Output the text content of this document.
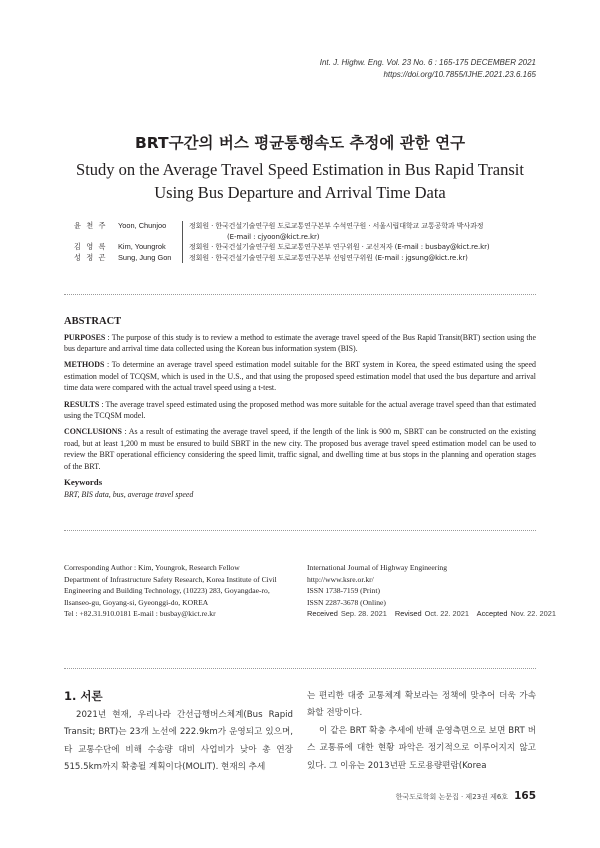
Int. J. Highw. Eng. Vol. 23 No. 6 : 165-175 DECEMBER 2021
https://doi.org/10.7855/IJHE.2021.23.6.165
BRT구간의 버스 평균통행속도 추정에 관한 연구
Study on the Average Travel Speed Estimation in Bus Rapid Transit
Using Bus Departure and Arrival Time Data
윤 천 주	Yoon, Chunjoo	정회원 · 한국건설기술연구원 도로교통연구본부 수석연구원 · 서울시립대학교 교통공학과 박사과정
(E-mail : cjyoon@kict.re.kr)
김 영 록	Kim, Youngrok	정회원 · 한국건설기술연구원 도로교통연구본부 연구위원 · 교신저자 (E-mail : busbay@kict.re.kr)
성 정 곤	Sung, Jung Gon	정회원 · 한국건설기술연구원 도로교통연구본부 선임연구위원 (E-mail : jgsung@kict.re.kr)
ABSTRACT

PURPOSES : The purpose of this study is to review a method to estimate the average travel speed of the Bus Rapid Transit(BRT) section using the bus departure and arrival time data collected using the Korean bus information system (BIS).

METHODS : To determine an average travel speed estimation model suitable for the BRT system in Korea, the speed estimated using the speed estimation model of TCQSM, which is used in the U.S., and that using the proposed speed estimation model that used the bus departure and arrival time data were compared with the actual travel speed using a t-test.

RESULTS : The average travel speed estimated using the proposed method was more suitable for the actual average travel speed than that estimated using the TCQSM model.

CONCLUSIONS : As a result of estimating the average travel speed, if the length of the link is 900 m, SBRT can be constructed on the existing road, but at least 1,200 m must be ensured to build SBRT in the new city. The proposed bus average travel speed estimation model can be used to review the BRT operational efficiency considering the speed limit, traffic signal, and dwelling time at bus stops in the planning and operation stages of the BRT.

Keywords
BRT, BIS data, bus, average travel speed
Corresponding Author : Kim, Youngrok, Research Fellow
Department of Infrastructure Safety Research, Korea Institute of Civil
Engineering and Building Technology, (10223) 283, Goyangdae-ro,
Ilsanseo-gu, Goyang-si, Gyeonggi-do, KOREA
Tel : +82.31.910.0181 E-mail : busbay@kict.re.kr
International Journal of Highway Engineering
http://www.ksre.or.kr/
ISSN 1738-7159 (Print)
ISSN 2287-3678 (Online)
Received Sep. 28. 2021 Revised Oct. 22. 2021 Accepted Nov. 22. 2021
1. 서론

2021년 현재, 우리나라 간선급행버스체계(Bus Rapid Transit; BRT)는 23개 노선에 222.9km가 운영되고 있으며, 타 교통수단에 비해 수송량 대비 사업비가 낮아 총 연장 515.5km까지 확충될 계획이다(MOLIT). 현재의 추세

는 편리한 대중 교통체계 확보라는 정책에 맞추어 더욱 가속화할 전망이다.

이 같은 BRT 확충 추세에 반해 운영측면으로 보면 BRT 버스 교통류에 대한 현황 파악은 정기적으로 이루어지지 않고 있다. 그 이유는 2013년판 도로용량편람(Korea

한국도로학회 논문집 · 제23권 제6호 165
